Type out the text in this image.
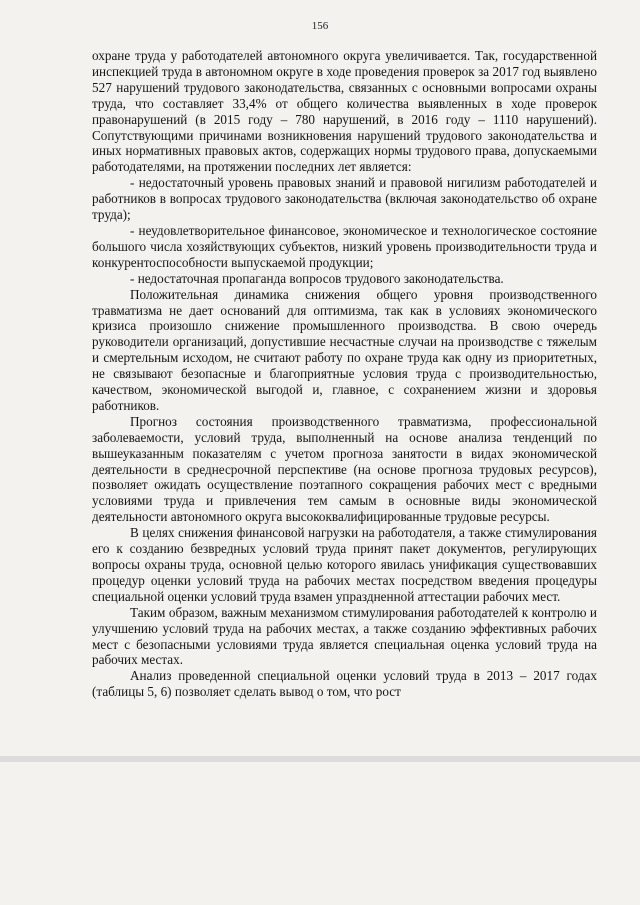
156

охране труда у работодателей автономного округа увеличивается. Так, государственной инспекцией труда в автономном округе в ходе проведения проверок за 2017 год выявлено 527 нарушений трудового законодательства, связанных с основными вопросами охраны труда, что составляет 33,4% от общего количества выявленных в ходе проверок правонарушений (в 2015 году – 780 нарушений, в 2016 году – 1110 нарушений). Сопутствующими причинами возникновения нарушений трудового законодательства и иных нормативных правовых актов, содержащих нормы трудового права, допускаемыми работодателями, на протяжении последних лет является:

- недостаточный уровень правовых знаний и правовой нигилизм работодателей и работников в вопросах трудового законодательства (включая законодательство об охране труда);

- неудовлетворительное финансовое, экономическое и технологическое состояние большого числа хозяйствующих субъектов, низкий уровень производительности труда и конкурентоспособности выпускаемой продукции;

- недостаточная пропаганда вопросов трудового законодательства.

Положительная динамика снижения общего уровня производственного травматизма не дает оснований для оптимизма, так как в условиях экономического кризиса произошло снижение промышленного производства. В свою очередь руководители организаций, допустившие несчастные случаи на производстве с тяжелым и смертельным исходом, не считают работу по охране труда как одну из приоритетных, не связывают безопасные и благоприятные условия труда с производительностью, качеством, экономической выгодой и, главное, с сохранением жизни и здоровья работников.

Прогноз состояния производственного травматизма, профессиональной заболеваемости, условий труда, выполненный на основе анализа тенденций по вышеуказанным показателям с учетом прогноза занятости в видах экономической деятельности в среднесрочной перспективе (на основе прогноза трудовых ресурсов), позволяет ожидать осуществление поэтапного сокращения рабочих мест с вредными условиями труда и привлечения тем самым в основные виды экономической деятельности автономного округа высококвалифицированные трудовые ресурсы.

В целях снижения финансовой нагрузки на работодателя, а также стимулирования его к созданию безвредных условий труда принят пакет документов, регулирующих вопросы охраны труда, основной целью которого явилась унификация существовавших процедур оценки условий труда на рабочих местах посредством введения процедуры специальной оценки условий труда взамен упраздненной аттестации рабочих мест.

Таким образом, важным механизмом стимулирования работодателей к контролю и улучшению условий труда на рабочих местах, а также созданию эффективных рабочих мест с безопасными условиями труда является специальная оценка условий труда на рабочих местах.

Анализ проведенной специальной оценки условий труда в 2013 – 2017 годах (таблицы 5, 6) позволяет сделать вывод о том, что рост
